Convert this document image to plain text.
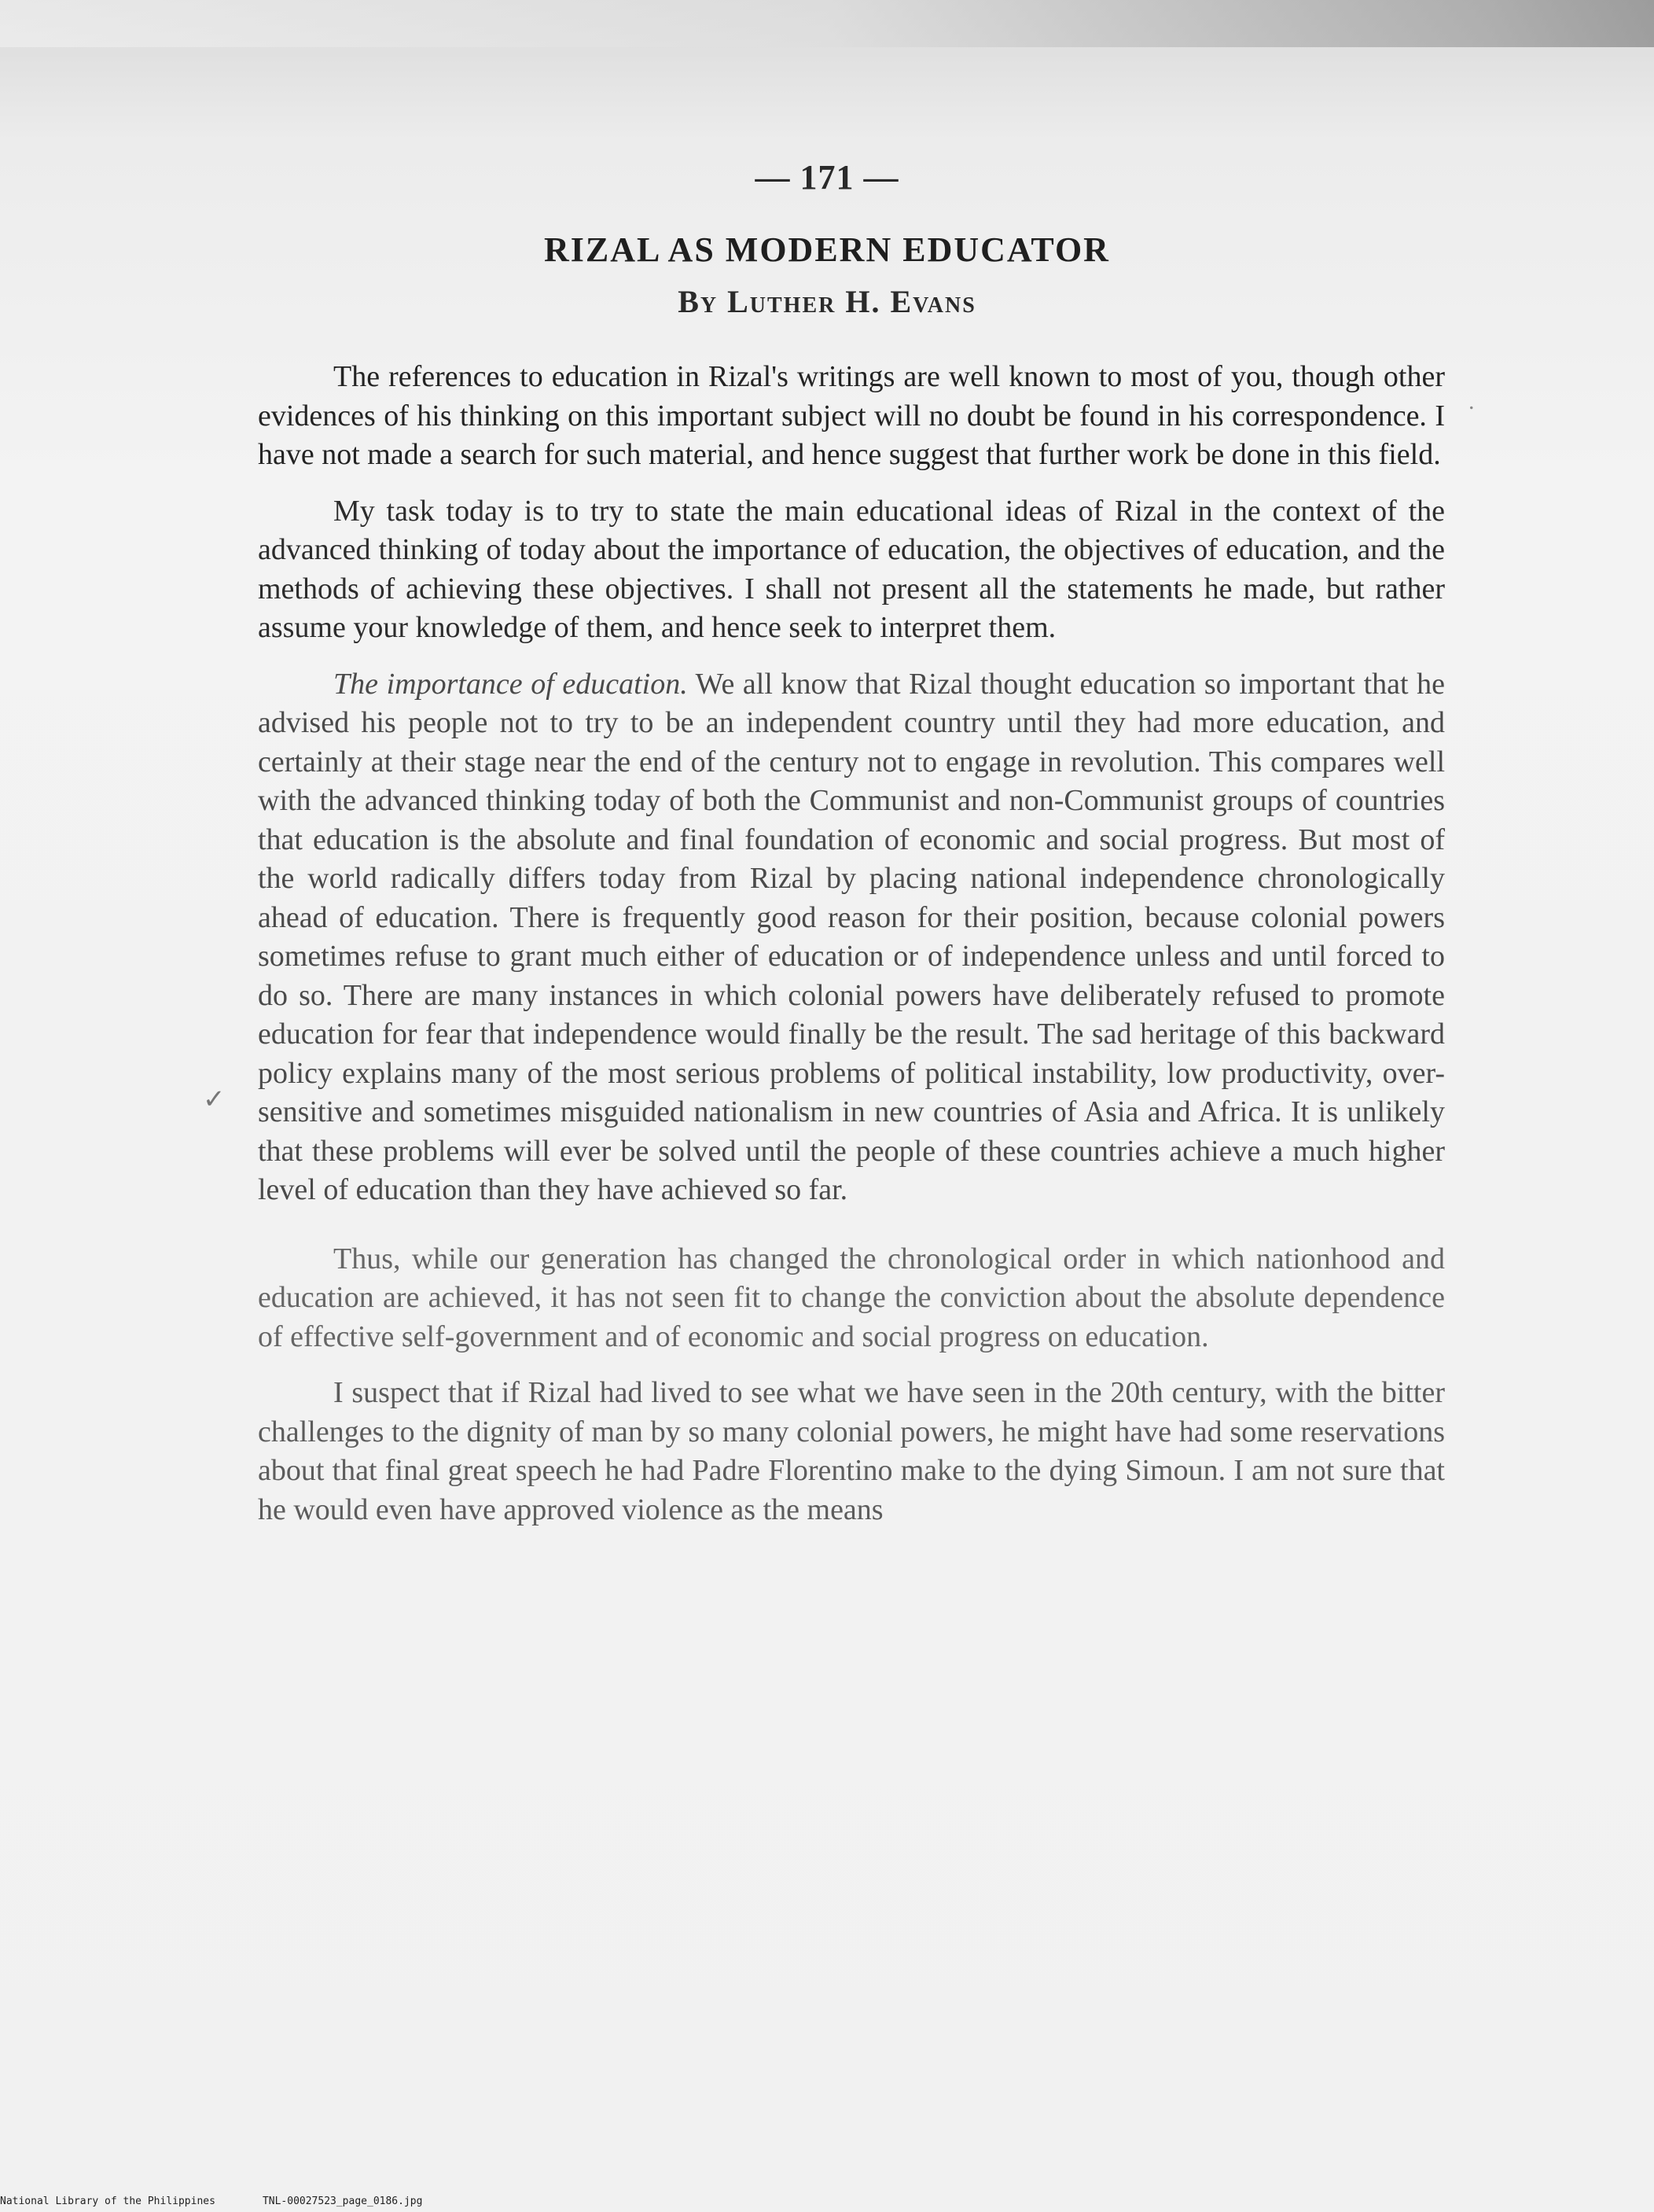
— 171 —
RIZAL AS MODERN EDUCATOR
By Luther H. Evans
.
✓

The references to education in Rizal's writings are well known to most of you, though other evidences of his thinking on this important subject will no doubt be found in his correspondence. I have not made a search for such material, and hence suggest that further work be done in this field.

My task today is to try to state the main educational ideas of Rizal in the context of the advanced thinking of today about the importance of education, the objectives of education, and the methods of achieving these objectives. I shall not present all the statements he made, but rather assume your knowledge of them, and hence seek to interpret them.

The importance of education. We all know that Rizal thought education so important that he advised his people not to try to be an independent country until they had more education, and certainly at their stage near the end of the century not to engage in revolution. This compares well with the advanced thinking today of both the Communist and non-Communist groups of countries that education is the absolute and final foundation of economic and social progress. But most of the world radically differs today from Rizal by placing national independence chronologically ahead of education. There is frequently good reason for their position, because colonial powers sometimes refuse to grant much either of education or of independence unless and until forced to do so. There are many instances in which colonial powers have deliberately refused to promote education for fear that independence would finally be the result. The sad heritage of this backward policy explains many of the most serious problems of political instability, low productivity, over-sensitive and sometimes misguided nationalism in new countries of Asia and Africa. It is unlikely that these problems will ever be solved until the people of these countries achieve a much higher level of education than they have achieved so far.

Thus, while our generation has changed the chronological order in which nationhood and education are achieved, it has not seen fit to change the conviction about the absolute dependence of effective self-government and of economic and social progress on education.

I suspect that if Rizal had lived to see what we have seen in the 20th century, with the bitter challenges to the dignity of man by so many colonial powers, he might have had some reservations about that final great speech he had Padre Florentino make to the dying Simoun. I am not sure that he would even have approved violence as the means

National Library of the Philippines	TNL-00027523_page_0186.jpg
